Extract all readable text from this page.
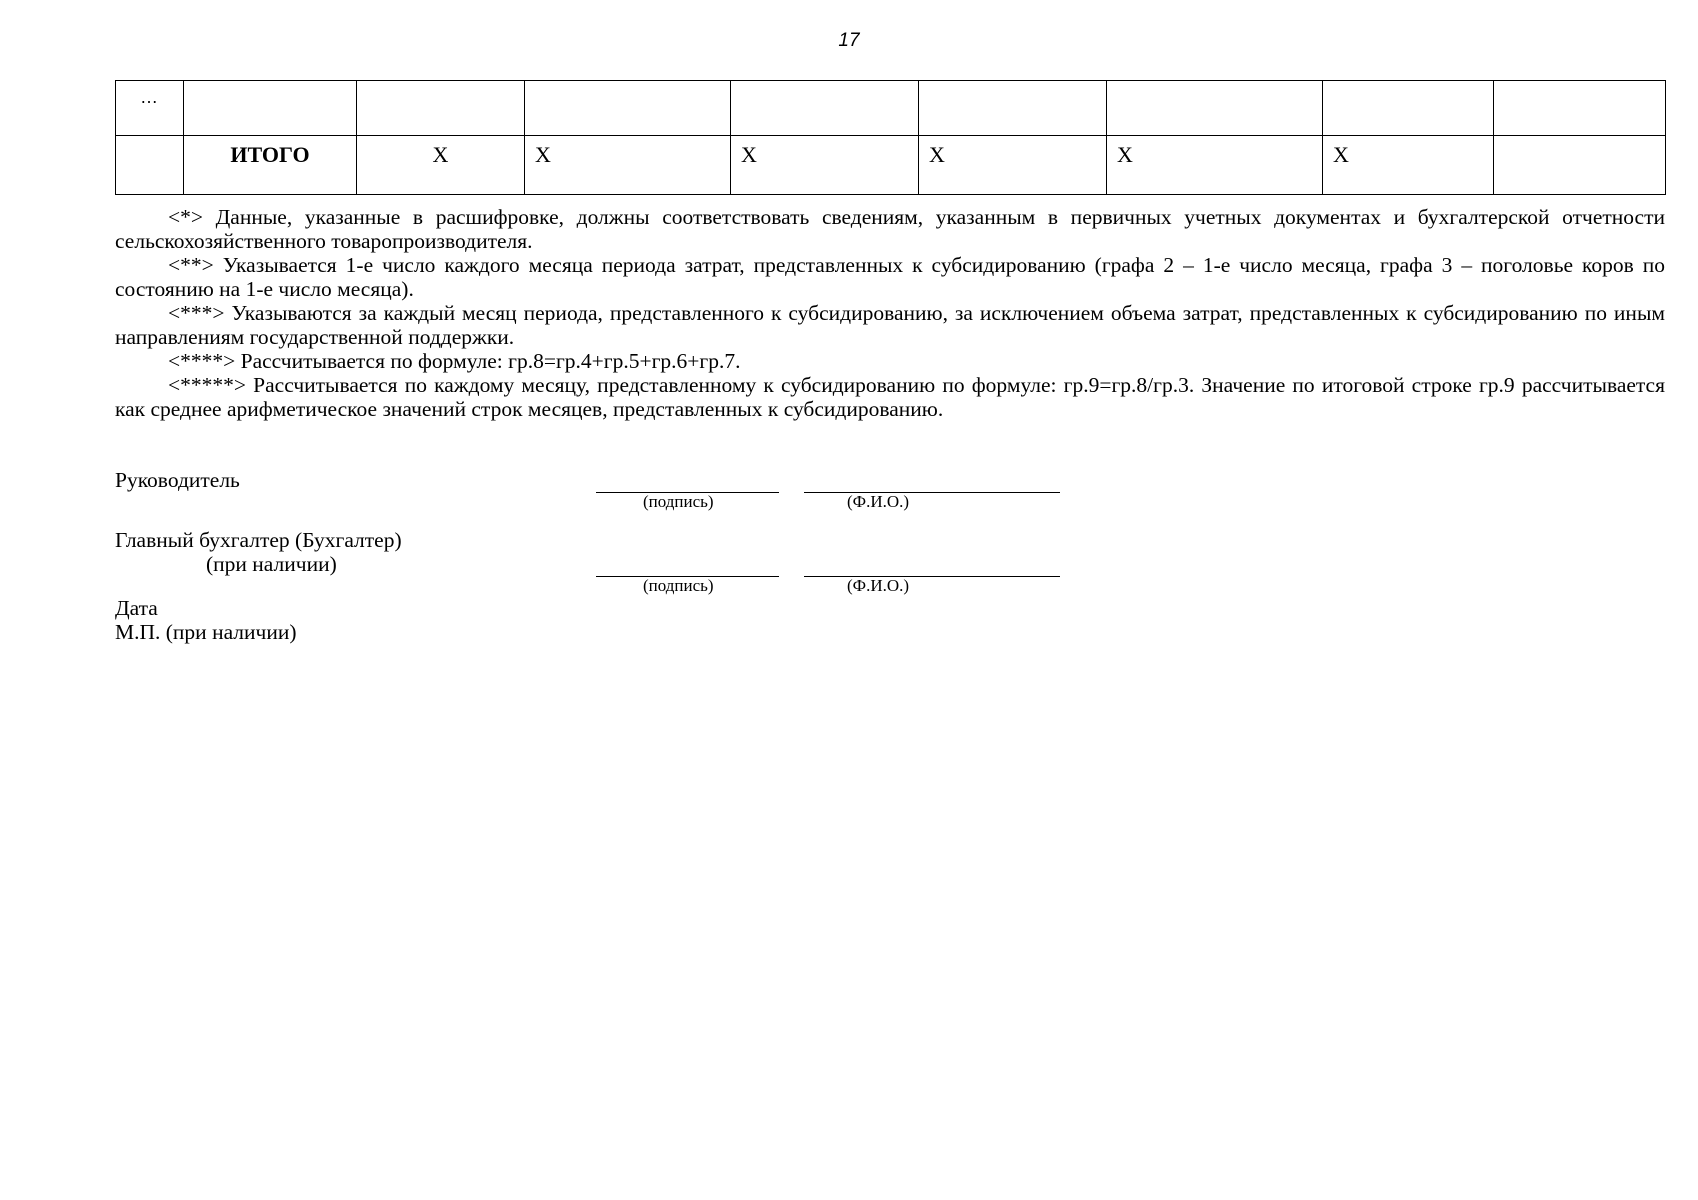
17
…								
	ИТОГО	Х	Х	Х	Х	Х	Х	

<*> Данные, указанные в расшифровке, должны соответствовать сведениям, указанным в первичных учетных документах и бухгалтерской отчетности сельскохозяйственного товаропроизводителя.

<**> Указывается 1-е число каждого месяца периода затрат, представленных к субсидированию (графа 2 – 1-е число месяца, графа 3 – поголовье коров по состоянию на 1-е число месяца).

<***> Указываются за каждый месяц периода, представленного к субсидированию, за исключением объема затрат, представленных к субсидированию по иным направлениям государственной поддержки.

<****> Рассчитывается по формуле: гр.8=гр.4+гр.5+гр.6+гр.7.

<*****> Рассчитывается по каждому месяцу, представленному к субсидированию по формуле: гр.9=гр.8/гр.3. Значение по итоговой строке гр.9 рассчитывается как среднее арифметическое значений строк месяцев, представленных к субсидированию.

Руководитель
(подпись)	(Ф.И.О.)
Главный бухгалтер (Бухгалтер)
(при наличии)
(подпись)	(Ф.И.О.)
Дата
М.П. (при наличии)
